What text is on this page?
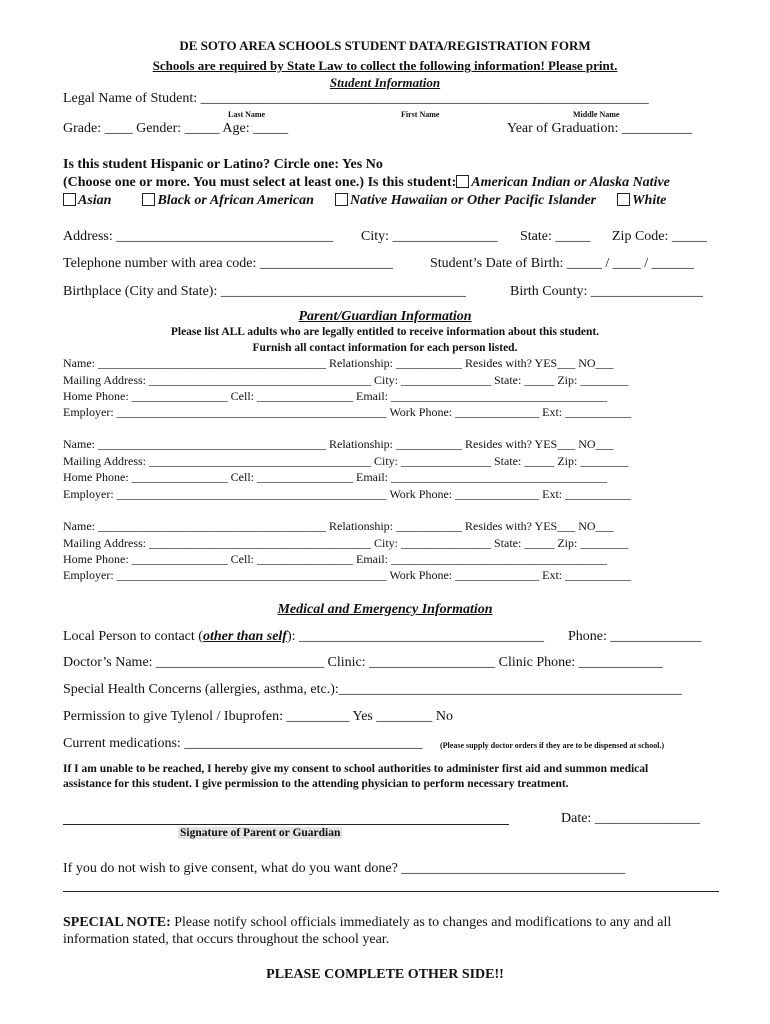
DE SOTO AREA SCHOOLS STUDENT DATA/REGISTRATION FORM
Schools are required by State Law to collect the following information! Please print.
Student Information
Legal Name of Student: ________________________________________________________________
Last Name	First Name	Middle Name
Grade: ____ Gender: _____ Age: _____	Year of Graduation: __________
Is this student Hispanic or Latino? Circle one: Yes No
(Choose one or more. You must select at least one.) Is this student: American Indian or Alaska Native
Asian	Black or African American	Native Hawaiian or Other Pacific Islander	White
Address: _______________________________ City: _______________ State: _____ Zip Code: _____
Telephone number with area code: ___________________	Student’s Date of Birth: _____ / ____ / ______
Birthplace (City and State): ___________________________________	Birth County: ________________
Parent/Guardian Information
Please list ALL adults who are legally entitled to receive information about this student.
Furnish all contact information for each person listed.
Name: ______________________________________ Relationship: ___________ Resides with? YES___ NO___
Mailing Address: _____________________________________ City: _______________ State: _____ Zip: ________
Home Phone: ________________ Cell: ________________ Email: ____________________________________
Employer: _____________________________________________ Work Phone: ______________ Ext: ___________
Name: ______________________________________ Relationship: ___________ Resides with? YES___ NO___
Mailing Address: _____________________________________ City: _______________ State: _____ Zip: ________
Home Phone: ________________ Cell: ________________ Email: ____________________________________
Employer: _____________________________________________ Work Phone: ______________ Ext: ___________
Name: ______________________________________ Relationship: ___________ Resides with? YES___ NO___
Mailing Address: _____________________________________ City: _______________ State: _____ Zip: ________
Home Phone: ________________ Cell: ________________ Email: ____________________________________
Employer: _____________________________________________ Work Phone: ______________ Ext: ___________
Medical and Emergency Information
Local Person to contact (other than self): ___________________________________ Phone: _____________
Doctor’s Name: ________________________ Clinic: __________________ Clinic Phone: ____________
Special Health Concerns (allergies, asthma, etc.):_________________________________________________
Permission to give Tylenol / Ibuprofen: _________ Yes ________ No
Current medications: __________________________________ (Please supply doctor orders if they are to be dispensed at school.)
If I am unable to be reached, I hereby give my consent to school authorities to administer first aid and summon medical
assistance for this student. I give permission to the attending physician to perform necessary treatment.
Date: _______________
Signature of Parent or Guardian
If you do not wish to give consent, what do you want done? ________________________________
SPECIAL NOTE: Please notify school officials immediately as to changes and modifications to any and all
information stated, that occurs throughout the school year.
PLEASE COMPLETE OTHER SIDE!!
